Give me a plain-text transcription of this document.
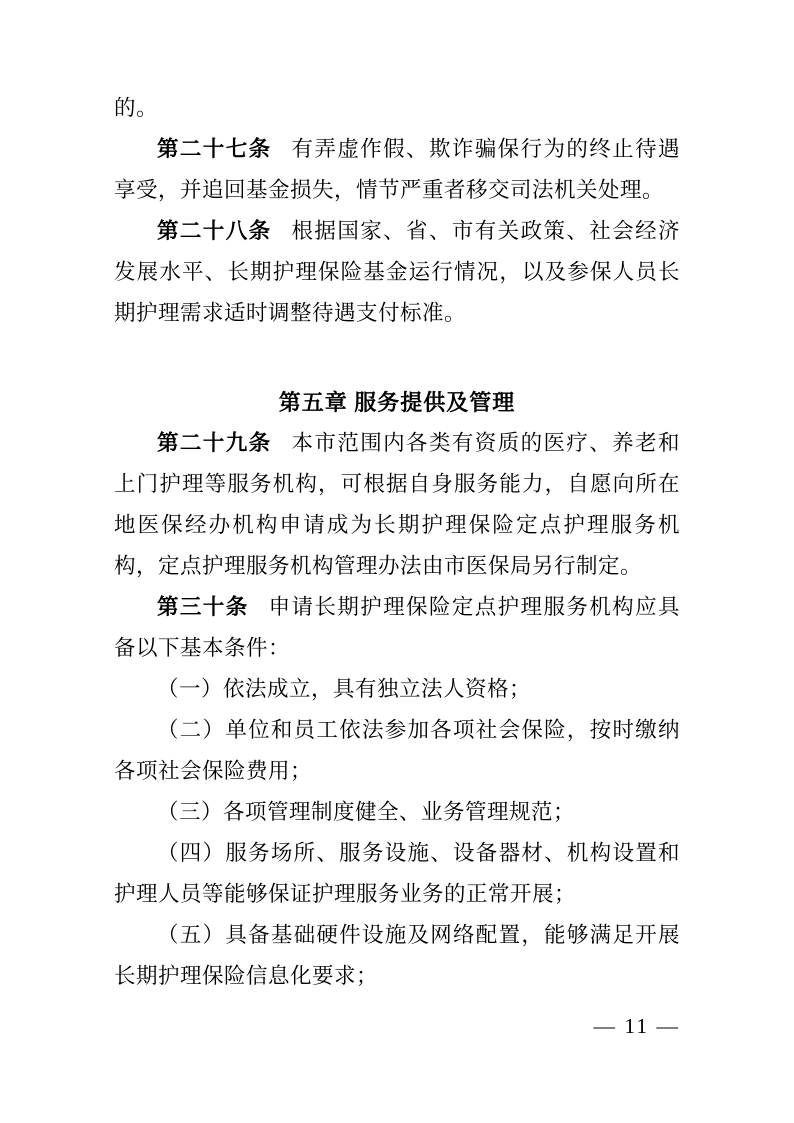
的。

第二十七条 有弄虚作假、欺诈骗保行为的终止待遇享受，并追回基金损失，情节严重者移交司法机关处理。

第二十八条 根据国家、省、市有关政策、社会经济发展水平、长期护理保险基金运行情况，以及参保人员长期护理需求适时调整待遇支付标准。

第五章 服务提供及管理

第二十九条 本市范围内各类有资质的医疗、养老和上门护理等服务机构，可根据自身服务能力，自愿向所在地医保经办机构申请成为长期护理保险定点护理服务机构，定点护理服务机构管理办法由市医保局另行制定。

第三十条 申请长期护理保险定点护理服务机构应具备以下基本条件：

（一）依法成立，具有独立法人资格；

（二）单位和员工依法参加各项社会保险，按时缴纳各项社会保险费用；

（三）各项管理制度健全、业务管理规范；

（四）服务场所、服务设施、设备器材、机构设置和护理人员等能够保证护理服务业务的正常开展；

（五）具备基础硬件设施及网络配置，能够满足开展长期护理保险信息化要求；

— 11 —
